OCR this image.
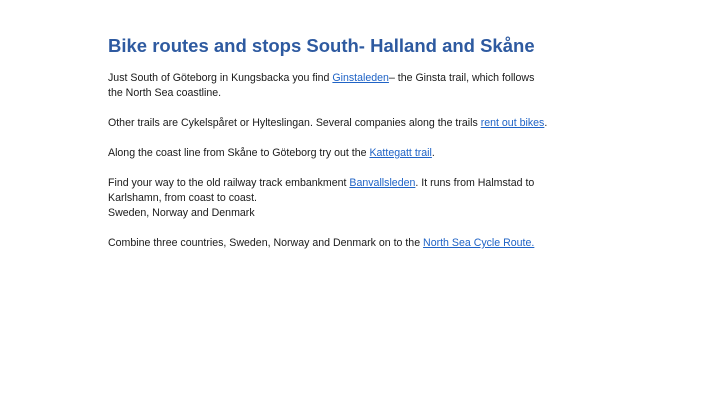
Bike routes and stops South- Halland and Skåne

Just South of Göteborg in Kungsbacka you find Ginstaleden– the Ginsta trail, which follows the North Sea coastline.

Other trails are Cykelspåret or Hylteslingan. Several companies along the trails rent out bikes.

Along the coast line from Skåne to Göteborg try out the Kattegatt trail.

Find your way to the old railway track embankment Banvallsleden. It runs from Halmstad to Karlshamn, from coast to coast.

Sweden, Norway and Denmark

Combine three countries, Sweden, Norway and Denmark on to the North Sea Cycle Route.
